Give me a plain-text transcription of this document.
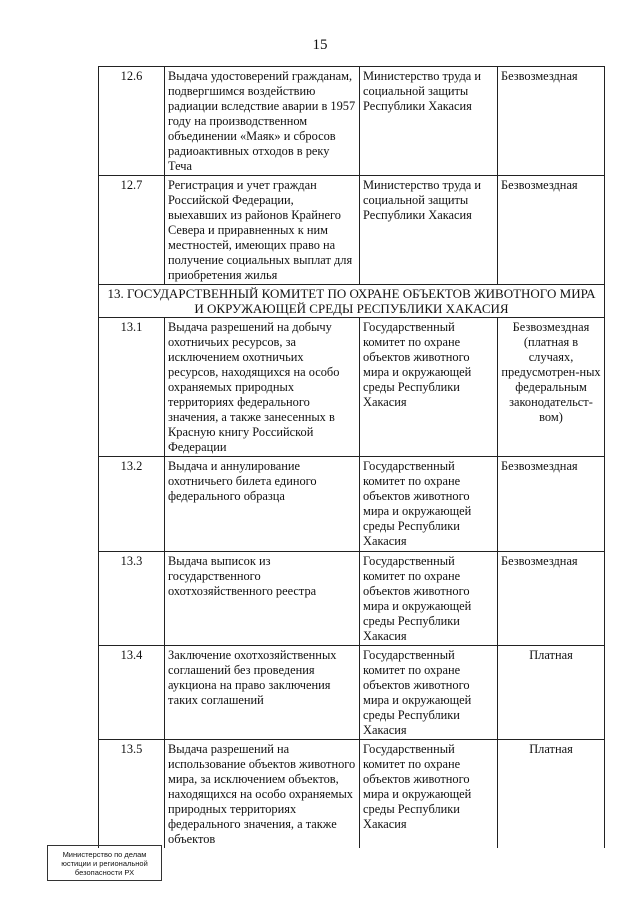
15
12.6	Выдача удостоверений гражданам, подвергшимся воздействию радиации вследствие аварии в 1957 году на производственном объединении «Маяк» и сбросов радиоактивных отходов в реку Теча	Министерство труда и социальной защиты Республики Хакасия	Безвозмездная
12.7	Регистрация и учет граждан Российской Федерации, выехавших из районов Крайнего Севера и приравненных к ним местностей, имеющих право на получение социальных выплат для приобретения жилья	Министерство труда и социальной защиты Республики Хакасия	Безвозмездная
13. ГОСУДАРСТВЕННЫЙ КОМИТЕТ ПО ОХРАНЕ ОБЪЕКТОВ ЖИВОТНОГО МИРА И ОКРУЖАЮЩЕЙ СРЕДЫ РЕСПУБЛИКИ ХАКАСИЯ			
13.1	Выдача разрешений на добычу охотничьих ресурсов, за исключением охотничьих ресурсов, находящихся на особо охраняемых природных территориях федерального значения, а также занесенных в Красную книгу Российской Федерации	Государственный комитет по охране объектов животного мира и окружающей среды Республики Хакасия	Безвозмездная (платная в случаях, предусмотрен-ных федеральным законодательст-вом)
13.2	Выдача и аннулирование охотничьего билета единого федерального образца	Государственный комитет по охране объектов животного мира и окружающей среды Республики Хакасия	Безвозмездная
13.3	Выдача выписок из государственного охотхозяйственного реестра	Государственный комитет по охране объектов животного мира и окружающей среды Республики Хакасия	Безвозмездная
13.4	Заключение охотхозяйственных соглашений без проведения аукциона на право заключения таких соглашений	Государственный комитет по охране объектов животного мира и окружающей среды Республики Хакасия	Платная
13.5	Выдача разрешений на использование объектов животного мира, за исключением объектов, находящихся на особо охраняемых природных территориях федерального значения, а также объектов	Государственный комитет по охране объектов животного мира и окружающей среды Республики Хакасия	Платная
Министерство по делам
юстиции и региональной
безопасности РХ
